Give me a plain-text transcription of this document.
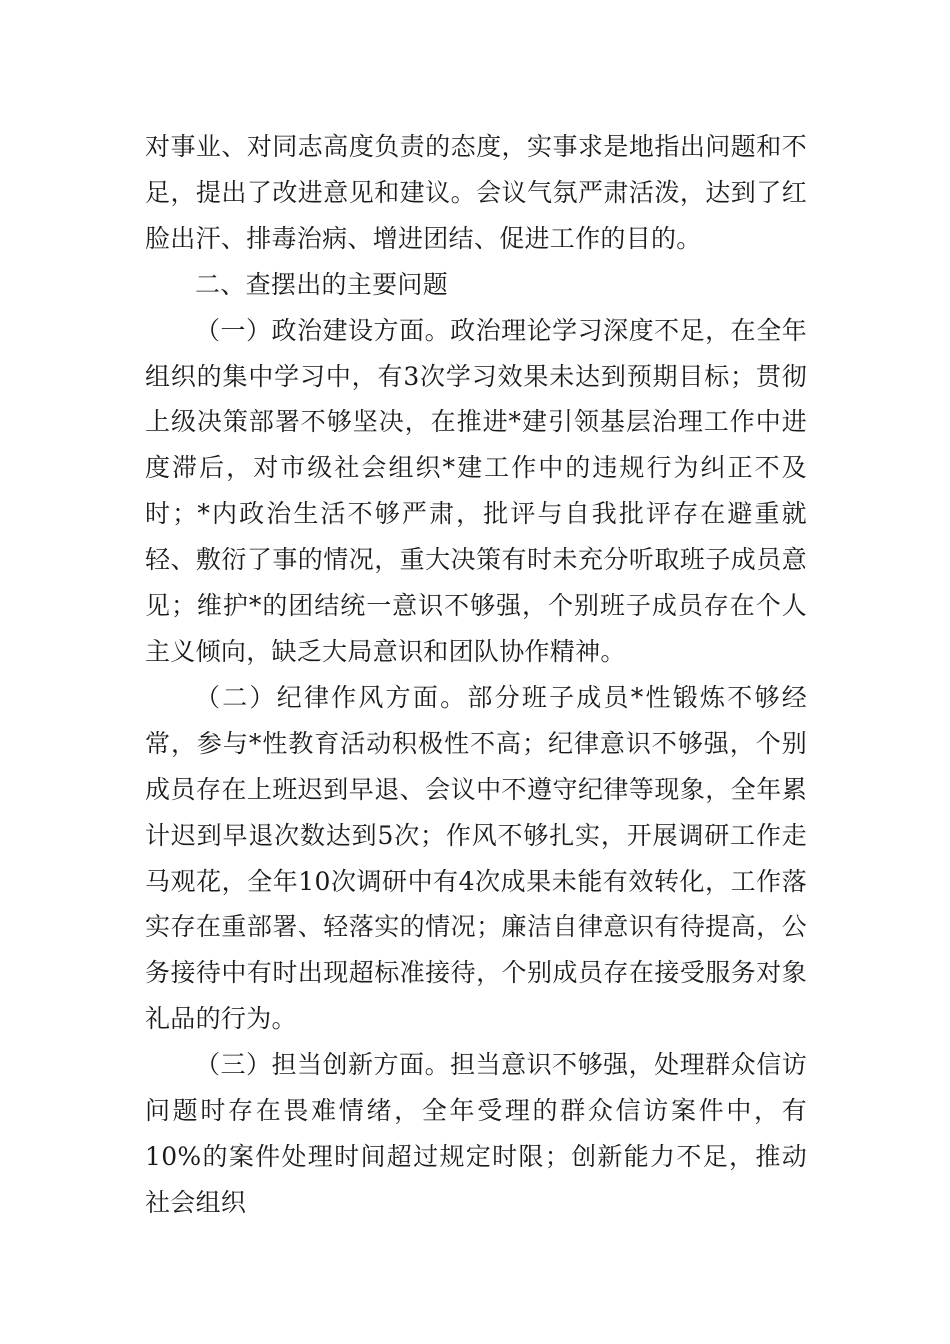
对事业、对同志高度负责的态度，实事求是地指出问题和不足，提出了改进意见和建议。会议气氛严肃活泼，达到了红脸出汗、排毒治病、增进团结、促进工作的目的。

二、查摆出的主要问题

（一）政治建设方面。政治理论学习深度不足，在全年组织的集中学习中，有3次学习效果未达到预期目标；贯彻上级决策部署不够坚决，在推进*建引领基层治理工作中进度滞后，对市级社会组织*建工作中的违规行为纠正不及时；*内政治生活不够严肃，批评与自我批评存在避重就轻、敷衍了事的情况，重大决策有时未充分听取班子成员意见；维护*的团结统一意识不够强，个别班子成员存在个人主义倾向，缺乏大局意识和团队协作精神。

（二）纪律作风方面。部分班子成员*性锻炼不够经常，参与*性教育活动积极性不高；纪律意识不够强，个别成员存在上班迟到早退、会议中不遵守纪律等现象，全年累计迟到早退次数达到5次；作风不够扎实，开展调研工作走马观花，全年10次调研中有4次成果未能有效转化，工作落实存在重部署、轻落实的情况；廉洁自律意识有待提高，公务接待中有时出现超标准接待，个别成员存在接受服务对象礼品的行为。

（三）担当创新方面。担当意识不够强，处理群众信访问题时存在畏难情绪，全年受理的群众信访案件中，有10%的案件处理时间超过规定时限；创新能力不足，推动社会组织
